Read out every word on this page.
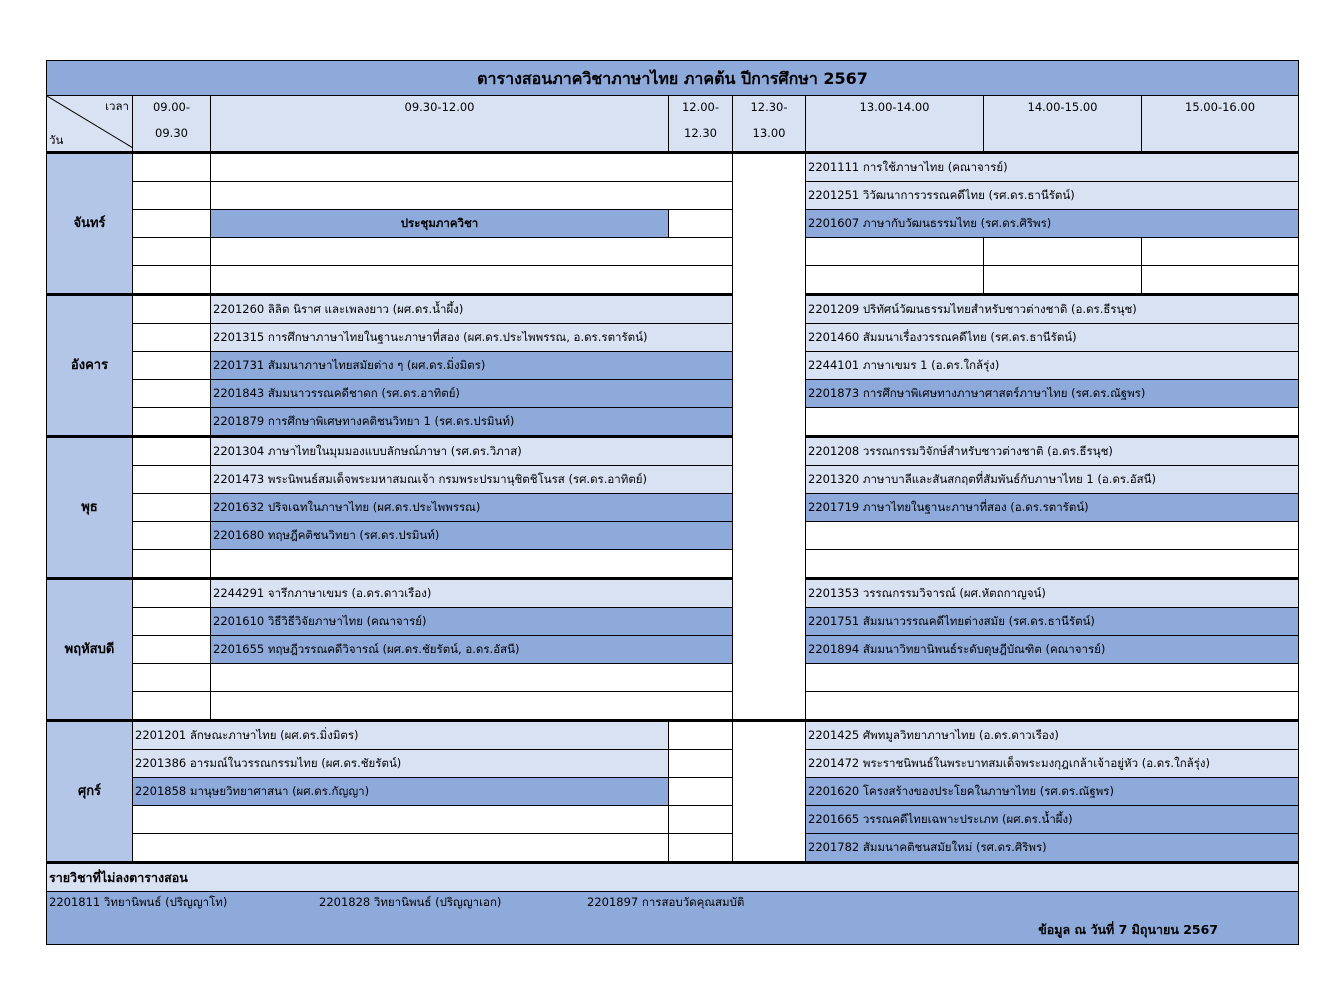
ตารางสอนภาควิชาภาษาไทย ภาคต้น ปีการศึกษา 2567							

เวลา
วัน	09.00-	09.30-12.00	12.00-	12.30-	13.00-14.00	14.00-15.00	15.00-16.00
	09.30		12.30	13.00			
จันทร์					2201111 การใช้ภาษาไทย (คณาจารย์)		
					2201251 วิวัฒนาการวรรณคดีไทย (รศ.ดร.ธานีรัตน์)		
		ประชุมภาควิชา			2201607 ภาษากับวัฒนธรรมไทย (รศ.ดร.ศิริพร)		

อังคาร		2201260 ลิลิต นิราศ และเพลงยาว (ผศ.ดร.น้ำผึ้ง)			2201209 ปริทัศน์วัฒนธรรมไทยสำหรับชาวต่างชาติ (อ.ดร.ธีรนุช)		
		2201315 การศึกษาภาษาไทยในฐานะภาษาที่สอง (ผศ.ดร.ประไพพรรณ, อ.ดร.รตารัตน์)			2201460 สัมมนาเรื่องวรรณคดีไทย (รศ.ดร.ธานีรัตน์)		
		2201731 สัมมนาภาษาไทยสมัยต่าง ๆ (ผศ.ดร.มิ่งมิตร)			2244101 ภาษาเขมร 1 (อ.ดร.ใกล้รุ่ง)		
		2201843 สัมมนาวรรณคดีชาดก (รศ.ดร.อาทิตย์)			2201873 การศึกษาพิเศษทางภาษาศาสตร์ภาษาไทย (รศ.ดร.ณัฐพร)		
		2201879 การศึกษาพิเศษทางคติชนวิทยา 1 (รศ.ดร.ปรมินท์)					
พุธ		2201304 ภาษาไทยในมุมมองแบบลักษณ์ภาษา (รศ.ดร.วิภาส)			2201208 วรรณกรรมวิจักษ์สำหรับชาวต่างชาติ (อ.ดร.ธีรนุช)		
		2201473 พระนิพนธ์สมเด็จพระมหาสมณเจ้า กรมพระปรมานุชิตชิโนรส (รศ.ดร.อาทิตย์)			2201320 ภาษาบาลีและสันสกฤตที่สัมพันธ์กับภาษาไทย 1 (อ.ดร.อัสนี)		
		2201632 ปริจเฉทในภาษาไทย (ผศ.ดร.ประไพพรรณ)			2201719 ภาษาไทยในฐานะภาษาที่สอง (อ.ดร.รตารัตน์)		
		2201680 ทฤษฎีคติชนวิทยา (รศ.ดร.ปรมินท์)					

พฤหัสบดี		2244291 จารึกภาษาเขมร (อ.ดร.ดาวเรือง)			2201353 วรรณกรรมวิจารณ์ (ผศ.หัตถกาญจน์)		
		2201610 วิธีวิธีวิจัยภาษาไทย (คณาจารย์)			2201751 สัมมนาวรรณคดีไทยต่างสมัย (รศ.ดร.ธานีรัตน์)		
		2201655 ทฤษฎีวรรณคดีวิจารณ์ (ผศ.ดร.ชัยรัตน์, อ.ดร.อัสนี)			2201894 สัมมนาวิทยานิพนธ์ระดับดุษฎีบัณฑิต (คณาจารย์)		

ศุกร์	2201201 ลักษณะภาษาไทย (ผศ.ดร.มิ่งมิตร)				2201425 ศัพทมูลวิทยาภาษาไทย (อ.ดร.ดาวเรือง)		
	2201386 อารมณ์ในวรรณกรรมไทย (ผศ.ดร.ชัยรัตน์)				2201472 พระราชนิพนธ์ในพระบาทสมเด็จพระมงกุฎเกล้าเจ้าอยู่หัว (อ.ดร.ใกล้รุ่ง)		
	2201858 มานุษยวิทยาศาสนา (ผศ.ดร.กัญญา)				2201620 โครงสร้างของประโยคในภาษาไทย (รศ.ดร.ณัฐพร)		
					2201665 วรรณคดีไทยเฉพาะประเภท (ผศ.ดร.น้ำผึ้ง)		
					2201782 สัมมนาคติชนสมัยใหม่ (รศ.ดร.ศิริพร)		
รายวิชาที่ไม่ลงตารางสอน							

2201811 วิทยานิพนธ์ (ปริญญาโท) 2201828 วิทยานิพนธ์ (ปริญญาเอก) 2201897 การสอบวัดคุณสมบัติ
ข้อมูล ณ วันที่ 7 มิถุนายน 2567							
